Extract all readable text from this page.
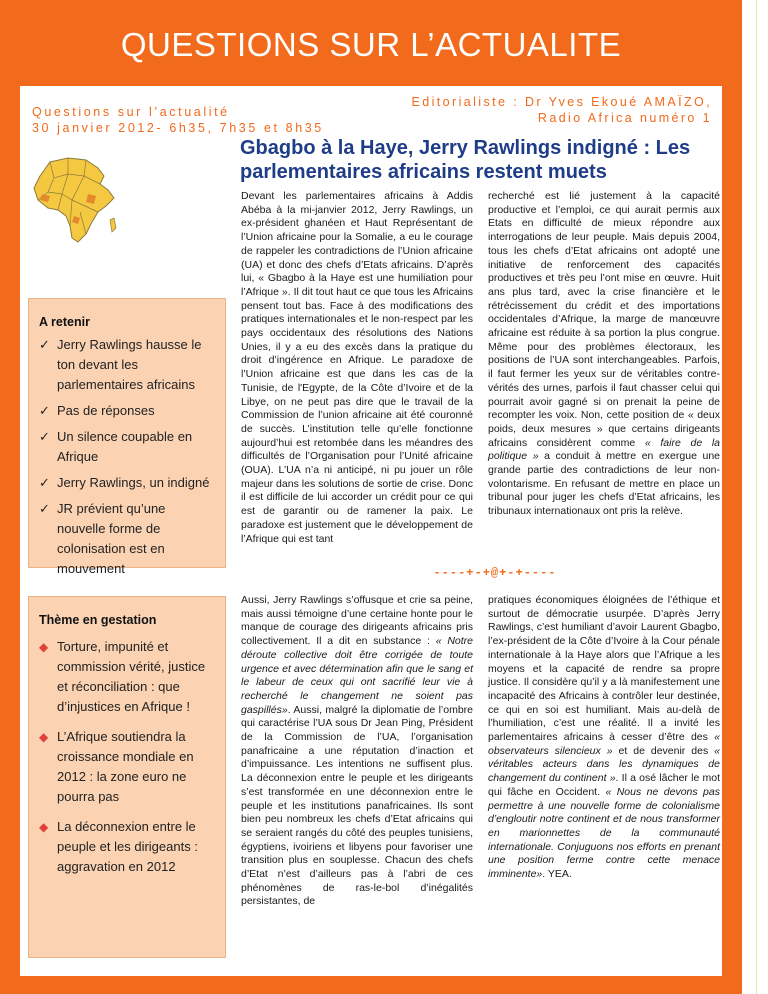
QUESTIONS SUR L’ACTUALITE
Questions sur l’actualité
30 janvier 2012- 6h35, 7h35 et 8h35
Editorialiste : Dr Yves Ekoué AMAÏZO,
Radio Africa numéro 1
Gbagbo à la Haye, Jerry Rawlings indigné : Les parlementaires africains restent muets
A retenir
✓ Jerry Rawlings hausse le ton devant les parlementaires africains
✓ Pas de réponses
✓ Un silence coupable en Afrique
✓ Jerry Rawlings, un indigné
✓ JR prévient qu’une nouvelle forme de colonisation est en mouvement
Thème en gestation
◆ Torture, impunité et commission vérité, justice et réconciliation : que d’injustices en Afrique !
◆ L’Afrique soutiendra la croissance mondiale en 2012 : la zone euro ne pourra pas
◆ La déconnexion entre le peuple et les dirigeants : aggravation en 2012
Devant les parlementaires africains à Addis Abéba à la mi-janvier 2012, Jerry Rawlings, un ex-président ghanéen et Haut Représentant de l’Union africaine pour la Somalie, a eu le courage de rappeler les contradictions de l’Union africaine (UA) et donc des chefs d’Etats africains. D’après lui, « Gbagbo à la Haye est une humiliation pour l’Afrique ». Il dit tout haut ce que tous les Africains pensent tout bas. Face à des modifications des pratiques internationales et le non-respect par les pays occidentaux des résolutions des Nations Unies, il y a eu des excès dans la pratique du droit d’ingérence en Afrique. Le paradoxe de l’Union africaine est que dans les cas de la Tunisie, de l'Egypte, de la Côte d’Ivoire et de la Libye, on ne peut pas dire que le travail de la Commission de l’union africaine ait été couronné de succès. L’institution telle qu’elle fonctionne aujourd’hui est retombée dans les méandres des difficultés de l’Organisation pour l’Unité africaine (OUA). L’UA n’a ni anticipé, ni pu jouer un rôle majeur dans les solutions de sortie de crise. Donc il est difficile de lui accorder un crédit pour ce qui est de garantir ou de ramener la paix. Le paradoxe est justement que le développement de l’Afrique qui est tant
recherché est lié justement à la capacité productive et l’emploi, ce qui aurait permis aux Etats en difficulté de mieux répondre aux interrogations de leur peuple. Mais depuis 2004, tous les chefs d’Etat africains ont adopté une initiative de renforcement des capacités productives et très peu l’ont mise en œuvre. Huit ans plus tard, avec la crise financière et le rétrécissement du crédit et des importations occidentales d’Afrique, la marge de manœuvre africaine est réduite à sa portion la plus congrue. Même pour des problèmes électoraux, les positions de l’UA sont interchangeables. Parfois, il faut fermer les yeux sur de véritables contre-vérités des urnes, parfois il faut chasser celui qui pourrait avoir gagné si on prenait la peine de recompter les voix. Non, cette position de « deux poids, deux mesures » que certains dirigeants africains considèrent comme « faire de la politique » a conduit à mettre en exergue une grande partie des contradictions de leur non-volontarisme. En refusant de mettre en place un tribunal pour juger les chefs d’Etat africains, les tribunaux internationaux ont pris la relève.
----+-+@+-+----
Aussi, Jerry Rawlings s’offusque et crie sa peine, mais aussi témoigne d’une certaine honte pour le manque de courage des dirigeants africains pris collectivement. Il a dit en substance : « Notre déroute collective doit être corrigée de toute urgence et avec détermination afin que le sang et le labeur de ceux qui ont sacrifié leur vie à recherché le changement ne soient pas gaspillés». Aussi, malgré la diplomatie de l’ombre qui caractérise l’UA sous Dr Jean Ping, Président de la Commission de l’UA, l’organisation panafricaine a une réputation d’inaction et d’impuissance. Les intentions ne suffisent plus. La déconnexion entre le peuple et les dirigeants s’est transformée en une déconnexion entre le peuple et les institutions panafricaines. Ils sont bien peu nombreux les chefs d’Etat africains qui se seraient rangés du côté des peuples tunisiens, égyptiens, ivoiriens et libyens pour favoriser une transition plus en souplesse. Chacun des chefs d’Etat n’est d’ailleurs pas à l’abri de ces phénomènes de ras-le-bol d’inégalités persistantes, de
pratiques économiques éloignées de l’éthique et surtout de démocratie usurpée. D’après Jerry Rawlings, c’est humiliant d’avoir Laurent Gbagbo, l’ex-président de la Côte d’Ivoire à la Cour pénale internationale à la Haye alors que l’Afrique a les moyens et la capacité de rendre sa propre justice. Il considère qu’il y a là manifestement une incapacité des Africains à contrôler leur destinée, ce qui en soi est humiliant. Mais au-delà de l’humiliation, c’est une réalité. Il a invité les parlementaires africains à cesser d’être des « observateurs silencieux » et de devenir des « véritables acteurs dans les dynamiques de changement du continent ». Il a osé lâcher le mot qui fâche en Occident. « Nous ne devons pas permettre à une nouvelle forme de colonialisme d’engloutir notre continent et de nous transformer en marionnettes de la communauté internationale. Conjuguons nos efforts en prenant une position ferme contre cette menace imminente». YEA.
